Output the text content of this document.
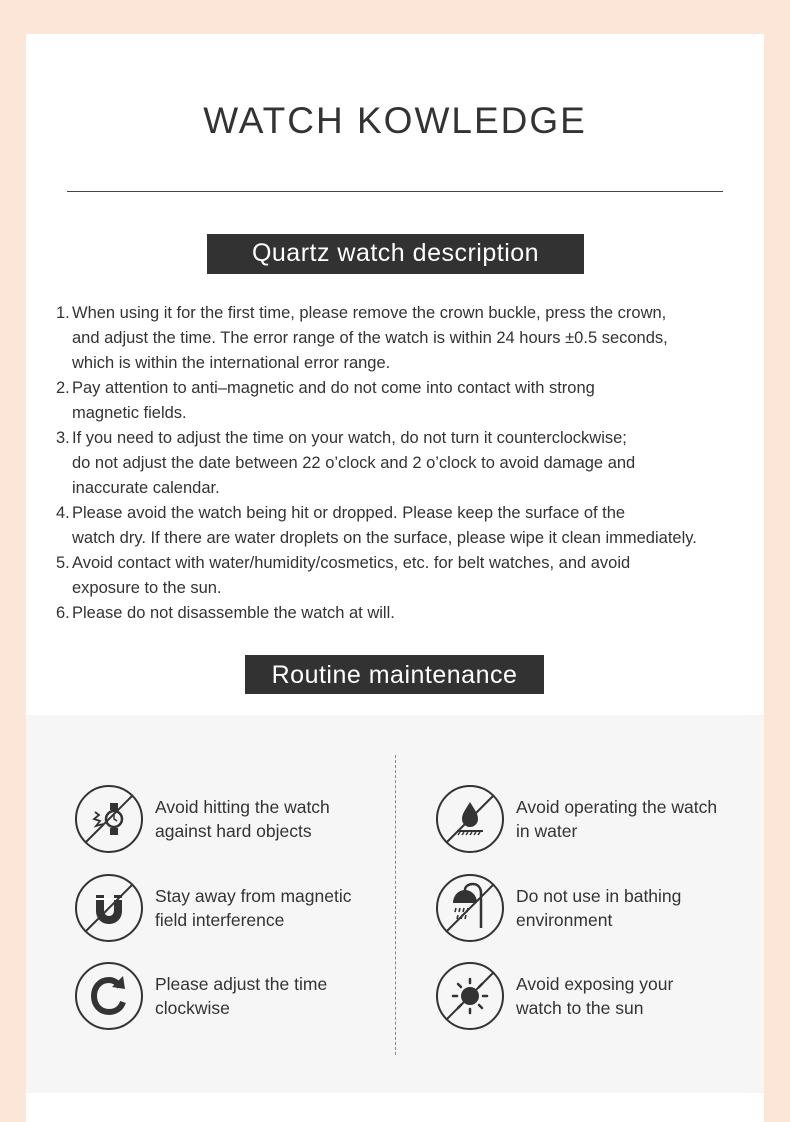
WATCH KOWLEDGE
Quartz watch description
1. When using it for the first time, please remove the crown buckle, press the crown,
and adjust the time. The error range of the watch is within 24 hours ±0.5 seconds,
which is within the international error range.
2. Pay attention to anti–magnetic and do not come into contact with strong
magnetic fields.
3. If you need to adjust the time on your watch, do not turn it counterclockwise;
do not adjust the date between 22 o’clock and 2 o’clock to avoid damage and
inaccurate calendar.
4. Please avoid the watch being hit or dropped. Please keep the surface of the
watch dry. If there are water droplets on the surface, please wipe it clean immediately.
5. Avoid contact with water/humidity/cosmetics, etc. for belt watches, and avoid
exposure to the sun.
6. Please do not disassemble the watch at will.
Routine maintenance
Avoid hitting the watch
against hard objects
Avoid operating the watch
in water
Stay away from magnetic
field interference
Do not use in bathing
environment
Please adjust the time
clockwise
Avoid exposing your
watch to the sun
